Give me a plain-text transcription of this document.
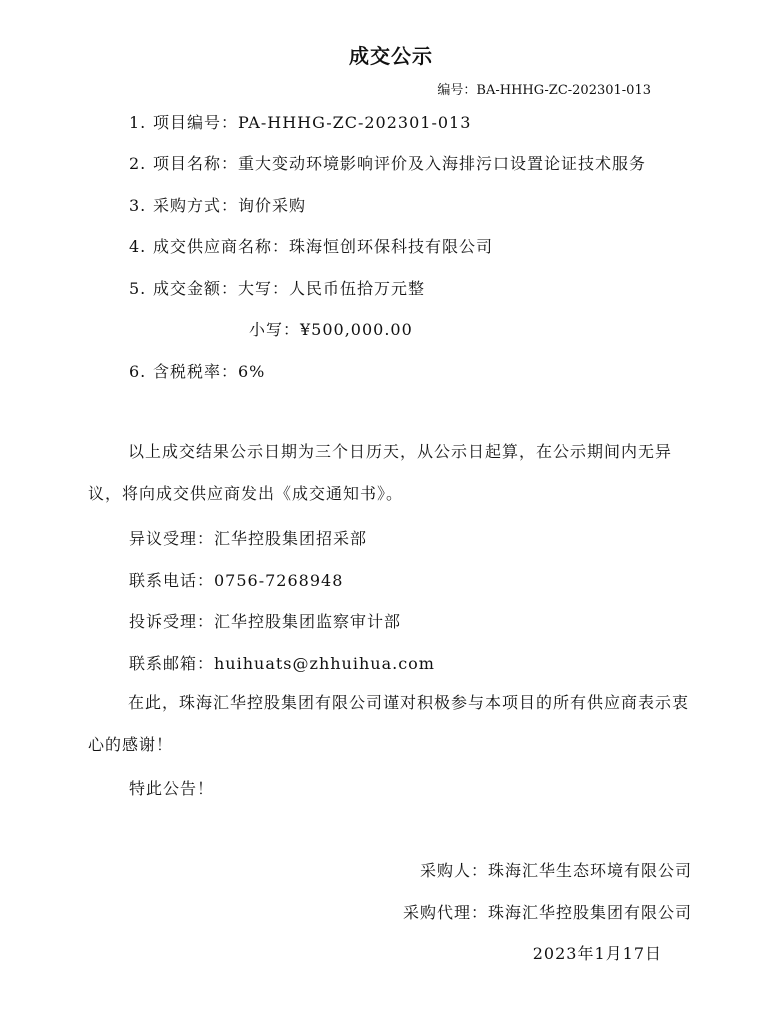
成交公示
编号：BA-HHHG-ZC-202301-013
1. 项目编号：PA-HHHG-ZC-202301-013
2. 项目名称：重大变动环境影响评价及入海排污口设置论证技术服务
3. 采购方式：询价采购
4. 成交供应商名称：珠海恒创环保科技有限公司
5. 成交金额：大写：人民币伍拾万元整
小写：¥500,000.00
6. 含税税率：6%
以上成交结果公示日期为三个日历天，从公示日起算，在公示期间内无异议，将向成交供应商发出《成交通知书》。
异议受理：汇华控股集团招采部
联系电话：0756-7268948
投诉受理：汇华控股集团监察审计部
联系邮箱：huihuats@zhhuihua.com
在此，珠海汇华控股集团有限公司谨对积极参与本项目的所有供应商表示衷心的感谢！
特此公告！
采购人：珠海汇华生态环境有限公司
采购代理：珠海汇华控股集团有限公司
2023年1月17日
